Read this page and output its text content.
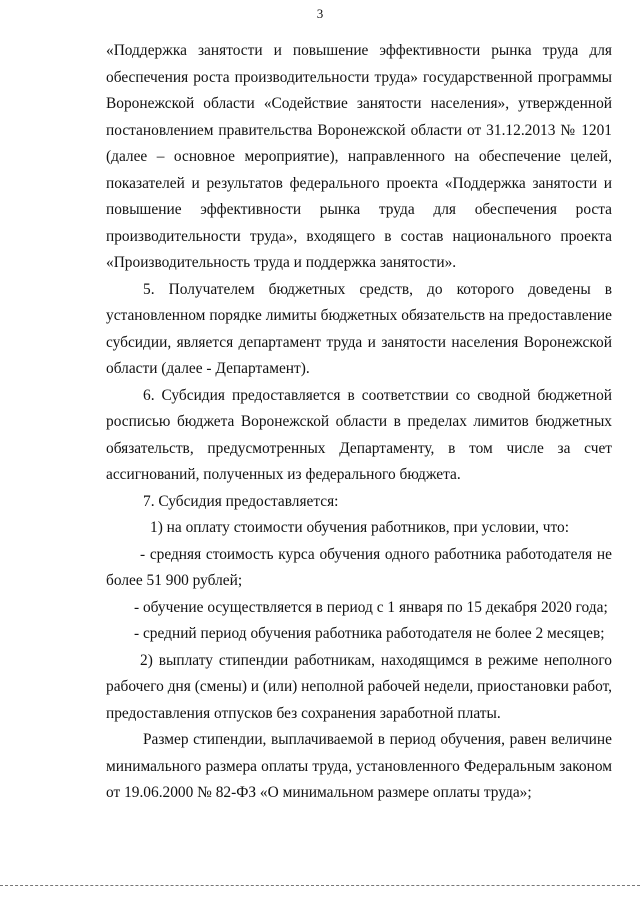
3

«Поддержка занятости и повышение эффективности рынка труда для обеспечения роста производительности труда» государственной программы Воронежской области «Содействие занятости населения», утвержденной постановлением правительства Воронежской области от 31.12.2013 № 1201 (далее – основное мероприятие), направленного на обеспечение целей, показателей и результатов федерального проекта «Поддержка занятости и повышение эффективности рынка труда для обеспечения роста производительности труда», входящего в состав национального проекта «Производительность труда и поддержка занятости».

5. Получателем бюджетных средств, до которого доведены в установленном порядке лимиты бюджетных обязательств на предоставление субсидии, является департамент труда и занятости населения Воронежской области (далее - Департамент).

6. Субсидия предоставляется в соответствии со сводной бюджетной росписью бюджета Воронежской области в пределах лимитов бюджетных обязательств, предусмотренных Департаменту, в том числе за счет ассигнований, полученных из федерального бюджета.

7. Субсидия предоставляется:

1) на оплату стоимости обучения работников, при условии, что:

- средняя стоимость курса обучения одного работника работодателя не более 51 900 рублей;

- обучение осуществляется в период с 1 января по 15 декабря 2020 года;

- средний период обучения работника работодателя не более 2 месяцев;

2) выплату стипендии работникам, находящимся в режиме неполного рабочего дня (смены) и (или) неполной рабочей недели, приостановки работ, предоставления отпусков без сохранения заработной платы.

Размер стипендии, выплачиваемой в период обучения, равен величине минимального размера оплаты труда, установленного Федеральным законом от 19.06.2000 № 82-ФЗ «О минимальном размере оплаты труда»;
